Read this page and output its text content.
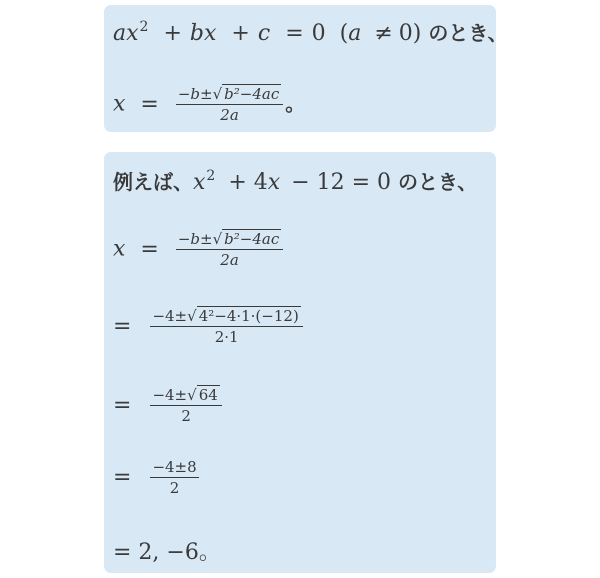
$ax^2$ + bx + c = 0 (a ≠ 0) のとき、
$x = \frac{\text{−b±√ b²−4ac}}{2a}$ 。
例えば、$x^2 + 4x - 12 = 0$ のとき、
$x = \frac{\text{−b±√ b²−4ac}}{2a}$
= $\frac{\text{−4±√ 4²−4·1·(−12)}}{2\cdot 1}$
= $\frac{-4\pm√ 64}{2}$
= $\frac{-4\pm 8}{2}$
= 2, −6。
